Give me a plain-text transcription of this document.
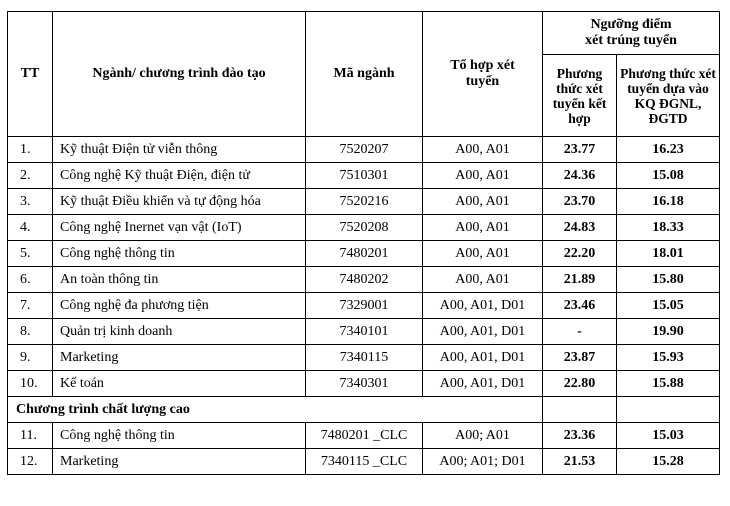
TT	Ngành/ chương trình đào tạo	Mã ngành	Tổ hợp xét tuyển	Ngưỡng điểm xét trúng tuyển	
				Phương thức xét tuyển kết hợp	Phương thức xét tuyển dựa vào KQ ĐGNL, ĐGTD
1.	Kỹ thuật Điện tử viễn thông	7520207	A00, A01	23.77	16.23
2.	Công nghệ Kỹ thuật Điện, điện tử	7510301	A00, A01	24.36	15.08
3.	Kỹ thuật Điều khiển và tự động hóa	7520216	A00, A01	23.70	16.18
4.	Công nghệ Inernet vạn vật (IoT)	7520208	A00, A01	24.83	18.33
5.	Công nghệ thông tin	7480201	A00, A01	22.20	18.01
6.	An toàn thông tin	7480202	A00, A01	21.89	15.80
7.	Công nghệ đa phương tiện	7329001	A00, A01, D01	23.46	15.05
8.	Quản trị kinh doanh	7340101	A00, A01, D01	-	19.90
9.	Marketing	7340115	A00, A01, D01	23.87	15.93
10.	Kế toán	7340301	A00, A01, D01	22.80	15.88
Chương trình chất lượng cao					
11.	Công nghệ thông tin	7480201 _CLC	A00; A01	23.36	15.03
12.	Marketing	7340115 _CLC	A00; A01; D01	21.53	15.28
